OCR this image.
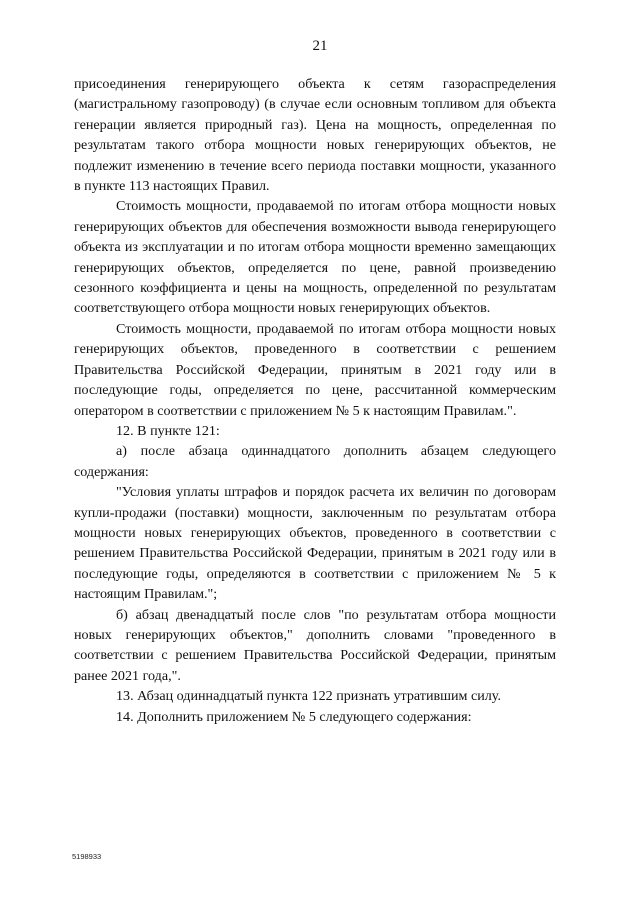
21

присоединения генерирующего объекта к сетям газораспределения (магистральному газопроводу) (в случае если основным топливом для объекта генерации является природный газ). Цена на мощность, определенная по результатам такого отбора мощности новых генерирующих объектов, не подлежит изменению в течение всего периода поставки мощности, указанного в пункте 113 настоящих Правил.

Стоимость мощности, продаваемой по итогам отбора мощности новых генерирующих объектов для обеспечения возможности вывода генерирующего объекта из эксплуатации и по итогам отбора мощности временно замещающих генерирующих объектов, определяется по цене, равной произведению сезонного коэффициента и цены на мощность, определенной по результатам соответствующего отбора мощности новых генерирующих объектов.

Стоимость мощности, продаваемой по итогам отбора мощности новых генерирующих объектов, проведенного в соответствии с решением Правительства Российской Федерации, принятым в 2021 году или в последующие годы, определяется по цене, рассчитанной коммерческим оператором в соответствии с приложением № 5 к настоящим Правилам.".

12. В пункте 121:

а) после абзаца одиннадцатого дополнить абзацем следующего содержания:

"Условия уплаты штрафов и порядок расчета их величин по договорам купли-продажи (поставки) мощности, заключенным по результатам отбора мощности новых генерирующих объектов, проведенного в соответствии с решением Правительства Российской Федерации, принятым в 2021 году или в последующие годы, определяются в соответствии с приложением № 5 к настоящим Правилам.";

б) абзац двенадцатый после слов "по результатам отбора мощности новых генерирующих объектов," дополнить словами "проведенного в соответствии с решением Правительства Российской Федерации, принятым ранее 2021 года,".

13. Абзац одиннадцатый пункта 122 признать утратившим силу.

14. Дополнить приложением № 5 следующего содержания:

5198933
